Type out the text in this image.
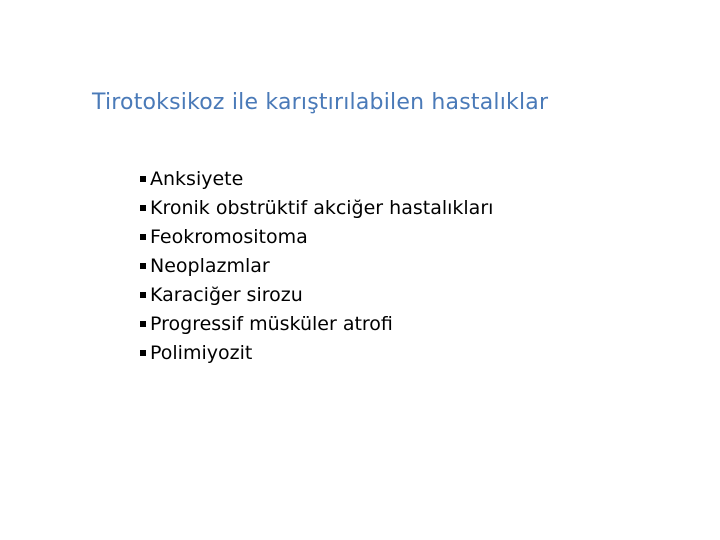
Tirotoksikoz ile karıştırılabilen hastalıklar
Anksiyete
Kronik obstrüktif akciğer hastalıkları
Feokromositoma
Neoplazmlar
Karaciğer sirozu
Progressif müsküler atrofi
Polimiyozit
